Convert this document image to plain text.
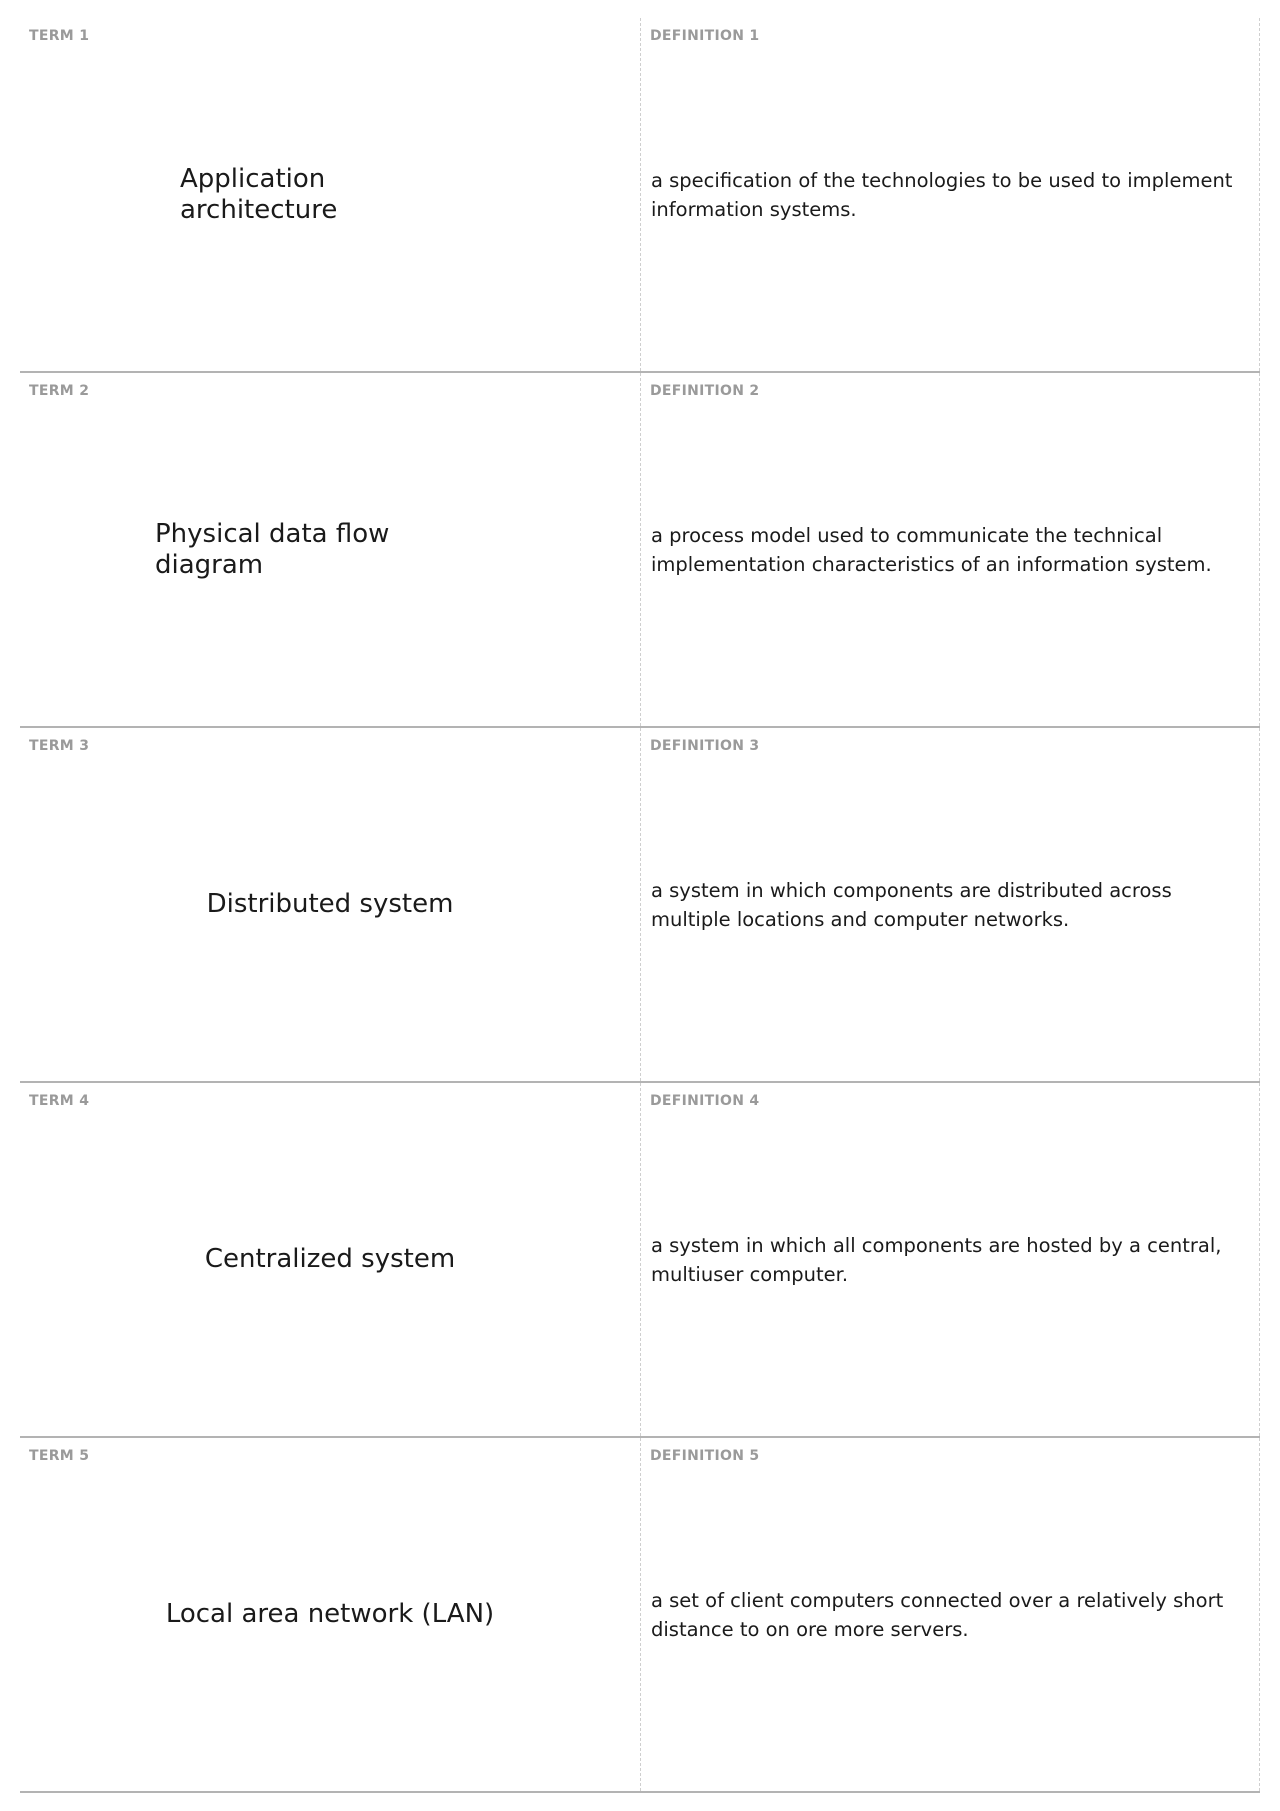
TERM 1
Application architecture
DEFINITION 1
a specification of the technologies to be used to implement information systems.
TERM 2
Physical data flow diagram
DEFINITION 2
a process model used to communicate the technical implementation characteristics of an information system.
TERM 3
Distributed system
DEFINITION 3
a system in which components are distributed across multiple locations and computer networks.
TERM 4
Centralized system
DEFINITION 4
a system in which all components are hosted by a central, multiuser computer.
TERM 5
Local area network (LAN)
DEFINITION 5
a set of client computers connected over a relatively short distance to on ore more servers.
